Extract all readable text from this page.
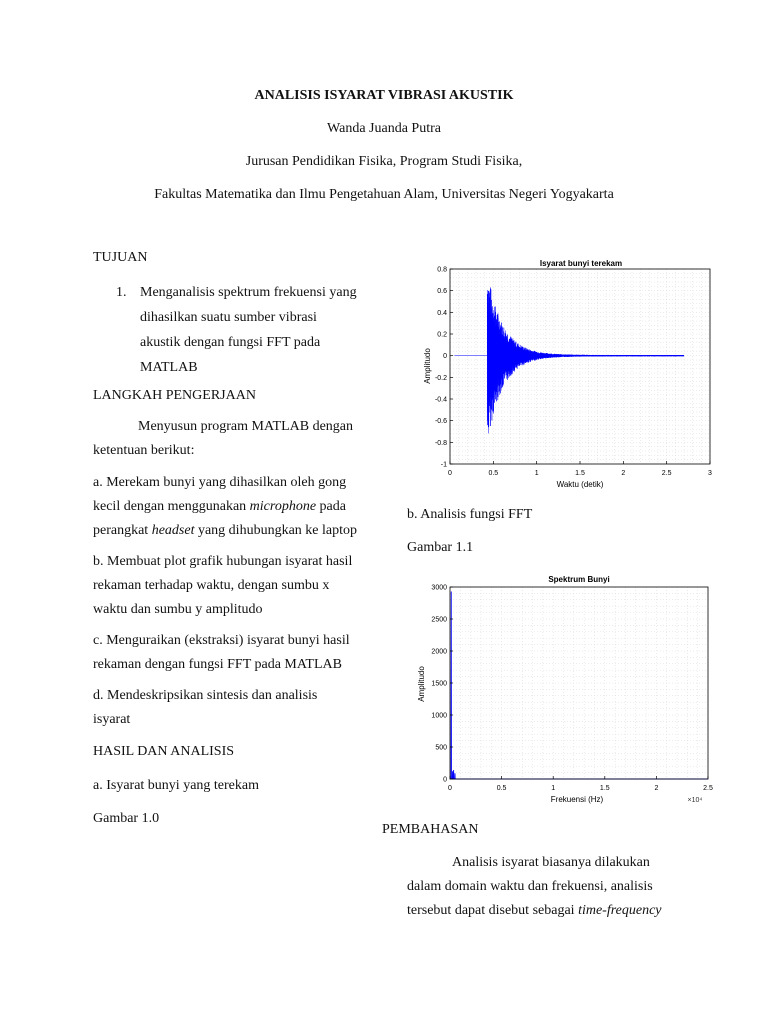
ANALISIS ISYARAT VIBRASI AKUSTIK
Wanda Juanda Putra
Jurusan Pendidikan Fisika, Program Studi Fisika,
Fakultas Matematika dan Ilmu Pengetahuan Alam, Universitas Negeri Yogyakarta
TUJUAN
1. Menganalisis spektrum frekuensi yang
dihasilkan suatu sumber vibrasi
akustik dengan fungsi FFT pada
MATLAB
LANGKAH PENGERJAAN
Menyusun program MATLAB dengan
ketentuan berikut:
a. Merekam bunyi yang dihasilkan oleh gong
kecil dengan menggunakan microphone pada
perangkat headset yang dihubungkan ke laptop
b. Membuat plot grafik hubungan isyarat hasil
rekaman terhadap waktu, dengan sumbu x
waktu dan sumbu y amplitudo
c. Menguraikan (ekstraksi) isyarat bunyi hasil
rekaman dengan fungsi FFT pada MATLAB
d. Mendeskripsikan sintesis dan analisis
isyarat
HASIL DAN ANALISIS
a. Isyarat bunyi yang terekam
Gambar 1.0
b. Analisis fungsi FFT
Gambar 1.1
PEMBAHASAN
Analisis isyarat biasanya dilakukan
dalam domain waktu dan frekuensi, analisis
tersebut dapat disebut sebagai time-frequency
Isyarat bunyi terekam
0	0.5	1	1.5	2	2.5	3
0.8
0.6
0.4
0.2
0
-0.2
-0.4
-0.6
-0.8
-1
Waktu (detik)
Amplitudo
Spektrum Bunyi
0	0.5	1	1.5	2	2.5
3000
2500
2000
1500
1000
500
0
Frekuensi (Hz)	×10⁴
Amplitudo
